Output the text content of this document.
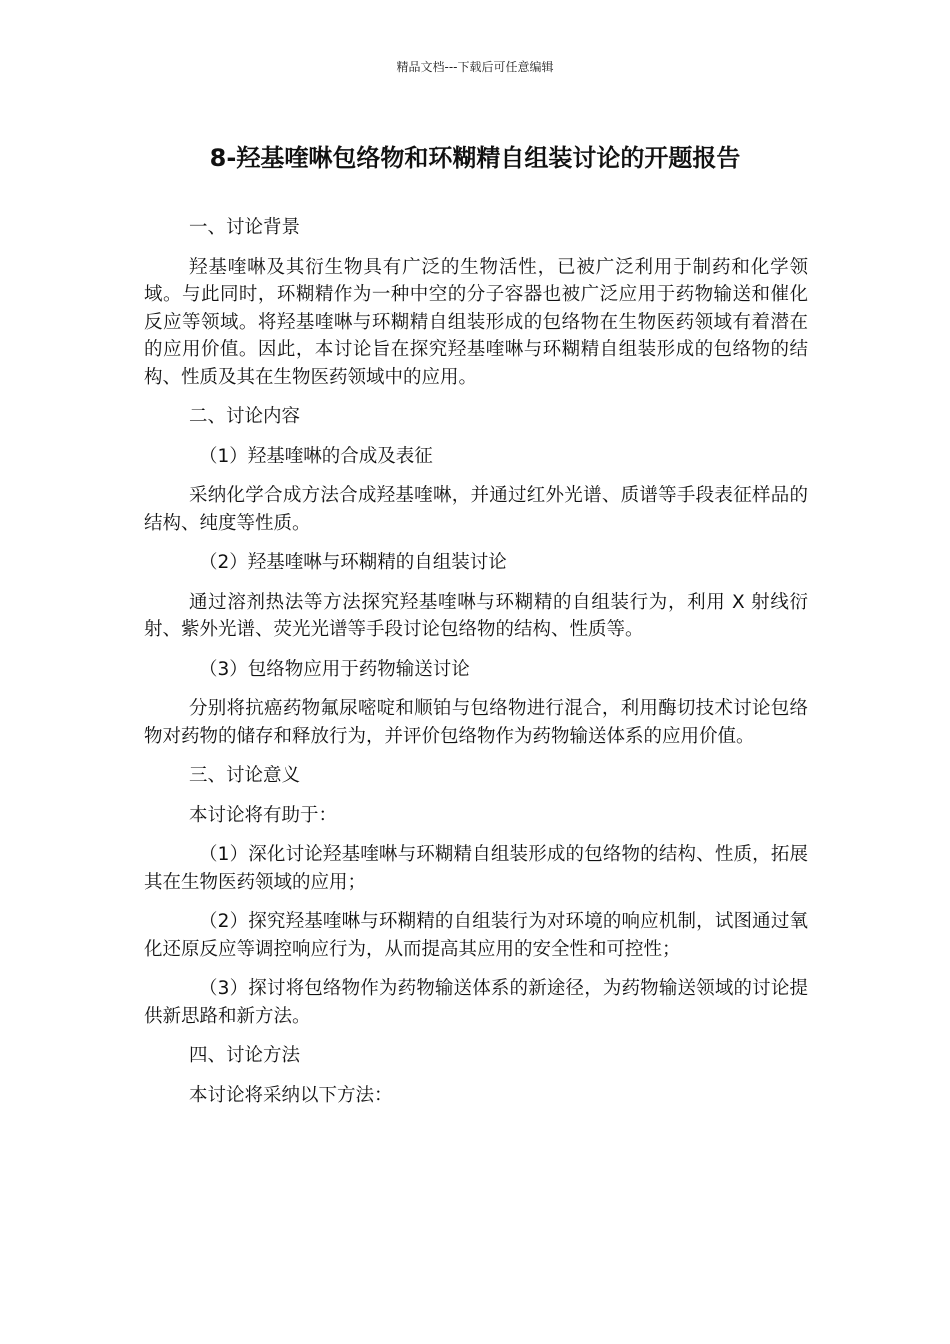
精品文档---下载后可任意编辑
8-羟基喹啉包络物和环糊精自组装讨论的开题报告

一、讨论背景

羟基喹啉及其衍生物具有广泛的生物活性，已被广泛利用于制药和化学领域。与此同时，环糊精作为一种中空的分子容器也被广泛应用于药物输送和催化反应等领域。将羟基喹啉与环糊精自组装形成的包络物在生物医药领域有着潜在的应用价值。因此，本讨论旨在探究羟基喹啉与环糊精自组装形成的包络物的结构、性质及其在生物医药领域中的应用。

二、讨论内容

（1）羟基喹啉的合成及表征

采纳化学合成方法合成羟基喹啉，并通过红外光谱、质谱等手段表征样品的结构、纯度等性质。

（2）羟基喹啉与环糊精的自组装讨论

通过溶剂热法等方法探究羟基喹啉与环糊精的自组装行为，利用 X 射线衍射、紫外光谱、荧光光谱等手段讨论包络物的结构、性质等。

（3）包络物应用于药物输送讨论

分别将抗癌药物氟尿嘧啶和顺铂与包络物进行混合，利用酶切技术讨论包络物对药物的储存和释放行为，并评价包络物作为药物输送体系的应用价值。

三、讨论意义

本讨论将有助于：

（1）深化讨论羟基喹啉与环糊精自组装形成的包络物的结构、性质，拓展其在生物医药领域的应用；

（2）探究羟基喹啉与环糊精的自组装行为对环境的响应机制，试图通过氧化还原反应等调控响应行为，从而提高其应用的安全性和可控性；

（3）探讨将包络物作为药物输送体系的新途径，为药物输送领域的讨论提供新思路和新方法。

四、讨论方法

本讨论将采纳以下方法：
